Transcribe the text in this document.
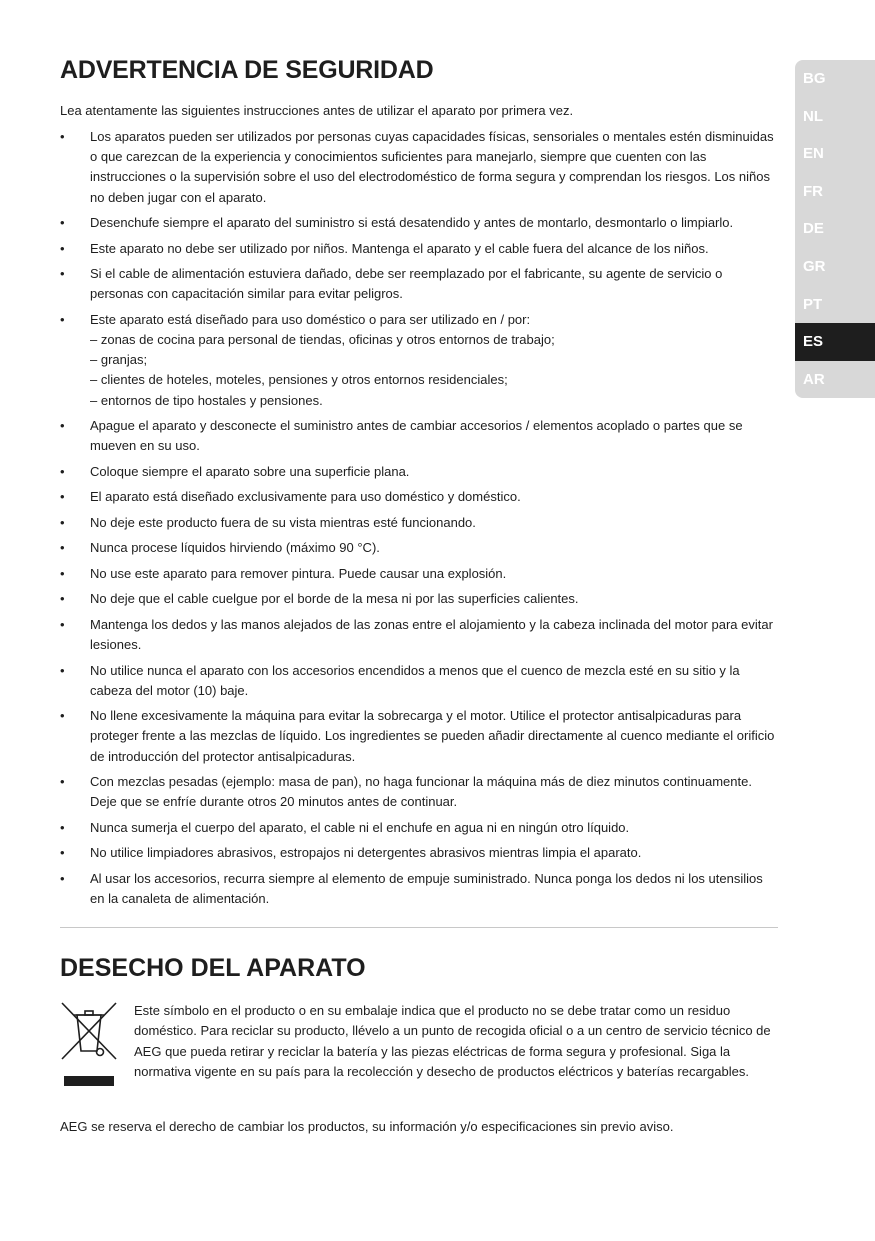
ADVERTENCIA DE SEGURIDAD

Lea atentamente las siguientes instrucciones antes de utilizar el aparato por primera vez.

• Los aparatos pueden ser utilizados por personas cuyas capacidades físicas, sensoriales o mentales estén disminuidas o que carezcan de la experiencia y conocimientos suficientes para manejarlo, siempre que cuenten con las instrucciones o la supervisión sobre el uso del electrodoméstico de forma segura y comprendan los riesgos. Los niños no deben jugar con el aparato.
• Desenchufe siempre el aparato del suministro si está desatendido y antes de montarlo, desmontarlo o limpiarlo.
• Este aparato no debe ser utilizado por niños. Mantenga el aparato y el cable fuera del alcance de los niños.
• Si el cable de alimentación estuviera dañado, debe ser reemplazado por el fabricante, su agente de servicio o personas con capacitación similar para evitar peligros.
• Este aparato está diseñado para uso doméstico o para ser utilizado en / por:
– zonas de cocina para personal de tiendas, oficinas y otros entornos de trabajo;
– granjas;
– clientes de hoteles, moteles, pensiones y otros entornos residenciales;
– entornos de tipo hostales y pensiones.
• Apague el aparato y desconecte el suministro antes de cambiar accesorios / elementos acoplado o partes que se mueven en su uso.
• Coloque siempre el aparato sobre una superficie plana.
• El aparato está diseñado exclusivamente para uso doméstico y doméstico.
• No deje este producto fuera de su vista mientras esté funcionando.
• Nunca procese líquidos hirviendo (máximo 90 °C).
• No use este aparato para remover pintura. Puede causar una explosión.
• No deje que el cable cuelgue por el borde de la mesa ni por las superficies calientes.
• Mantenga los dedos y las manos alejados de las zonas entre el alojamiento y la cabeza inclinada del motor para evitar lesiones.
• No utilice nunca el aparato con los accesorios encendidos a menos que el cuenco de mezcla esté en su sitio y la cabeza del motor (10) baje.
• No llene excesivamente la máquina para evitar la sobrecarga y el motor. Utilice el protector antisalpicaduras para proteger frente a las mezclas de líquido. Los ingredientes se pueden añadir directamente al cuenco mediante el orificio de introducción del protector antisalpicaduras.
• Con mezclas pesadas (ejemplo: masa de pan), no haga funcionar la máquina más de diez minutos continuamente. Deje que se enfríe durante otros 20 minutos antes de continuar.
• Nunca sumerja el cuerpo del aparato, el cable ni el enchufe en agua ni en ningún otro líquido.
• No utilice limpiadores abrasivos, estropajos ni detergentes abrasivos mientras limpia el aparato.
• Al usar los accesorios, recurra siempre al elemento de empuje suministrado. Nunca ponga los dedos ni los utensilios en la canaleta de alimentación.
DESECHO DEL APARATO
Este símbolo en el producto o en su embalaje indica que el producto no se debe tratar como un residuo doméstico. Para reciclar su producto, llévelo a un punto de recogida oficial o a un centro de servicio técnico de AEG que pueda retirar y reciclar la batería y las piezas eléctricas de forma segura y profesional. Siga la normativa vigente en su país para la recolección y desecho de productos eléctricos y baterías recargables.

AEG se reserva el derecho de cambiar los productos, su información y/o especificaciones sin previo aviso.

BG
NL
EN
FR
DE
GR
PT
ES
AR
